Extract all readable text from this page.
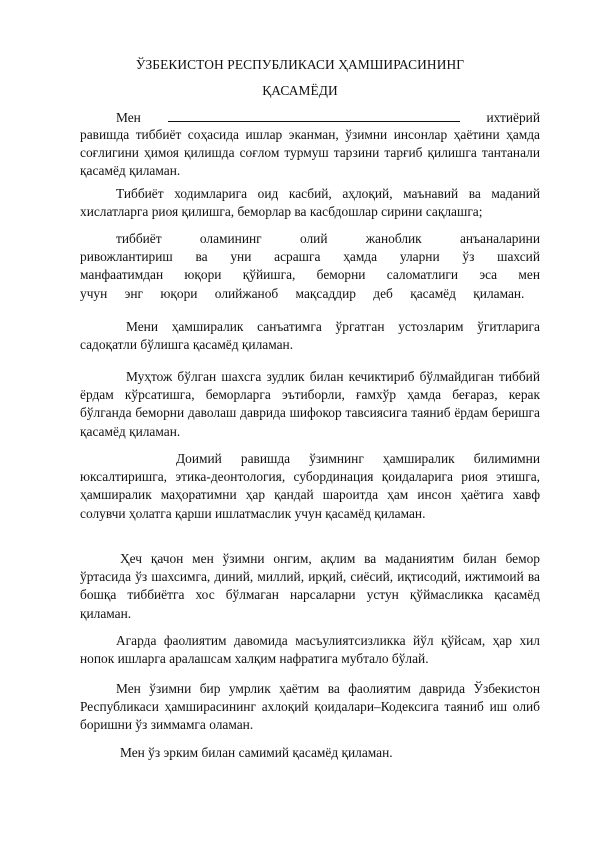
ЎЗБЕКИСТОН РЕСПУБЛИКАСИ ҲАМШИРАСИНИНГ
ҚАСАМЁДИ
Мен	ихтиёрий
равишда тиббиёт соҳасида ишлар эканман, ўзимни инсонлар ҳаётини ҳамда соғлигини ҳимоя қилишда соғлом турмуш тарзини тарғиб қилишга тантанали қасамёд қиламан.
Тиббиёт ходимларига оид касбий, аҳлоқий, маънавий ва маданий хислатларга риоя қилишга, беморлар ва касбдошлар сирини сақлашга;
тиббиёт оламининг олий жаноблик анъаналарини ривожлантириш ва уни асрашга ҳамда уларни ўз шахсий манфаатимдан юқори қўйишга, беморни саломатлиги эса мен учун энг юқори олийжаноб мақсаддир деб қасамёд қиламан.
Мени ҳамширалик санъатимга ўргатган устозларим ўгитларига садоқатли бўлишга қасамёд қиламан.
Муҳтож бўлган шахсга зудлик билан кечиктириб бўлмайдиган тиббий ёрдам кўрсатишга, беморларга эътиборли, ғамхўр ҳамда беғараз, керак бўлганда беморни даволаш даврида шифокор тавсиясига таяниб ёрдам беришга қасамёд қиламан.
Доимий равишда ўзимнинг ҳамширалик билимимни юксалтиришга, этика-деонтология, субординация қоидаларига риоя этишга, ҳамширалик маҳоратимни ҳар қандай шароитда ҳам инсон ҳаётига хавф солувчи ҳолатга қарши ишлатмаслик учун қасамёд қиламан.
Ҳеч қачон мен ўзимни онгим, ақлим ва маданиятим билан бемор ўртасида ўз шахсимга, диний, миллий, ирқий, сиёсий, иқтисодий, ижтимоий ва бошқа тиббиётга хос бўлмаган нарсаларни устун қўймасликка қасамёд қиламан.
Агарда фаолиятим давомида масъулиятсизликка йўл қўйсам, ҳар хил нопок ишларга аралашсам халқим нафратига мубтало бўлай.
Мен ўзимни бир умрлик ҳаётим ва фаолиятим даврида Ўзбекистон Республикаси ҳамширасининг ахлоқий қоидалари–Кодексига таяниб иш олиб боришни ўз зиммамга оламан.
Мен ўз эрким билан самимий қасамёд қиламан.
